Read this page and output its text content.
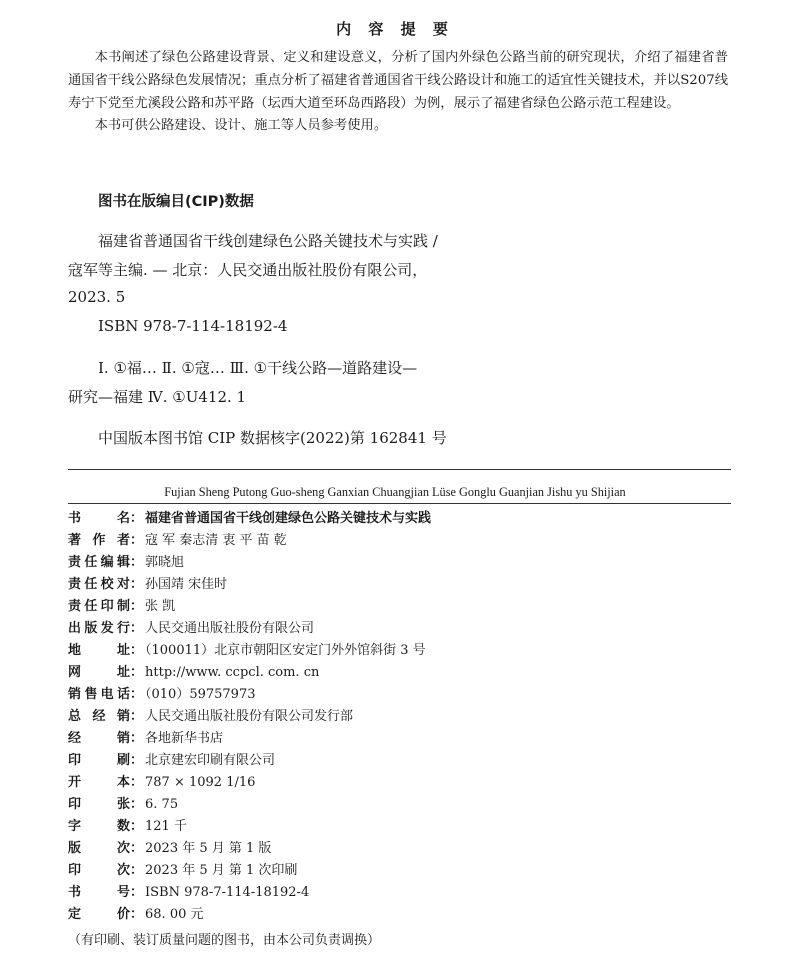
内 容 提 要

本书阐述了绿色公路建设背景、定义和建设意义，分析了国内外绿色公路当前的研究现状，介绍了福建省普通国省干线公路绿色发展情况；重点分析了福建省普通国省干线公路设计和施工的适宜性关键技术，并以S207线寿宁下党至尤溪段公路和苏平路（坛西大道至环岛西路段）为例，展示了福建省绿色公路示范工程建设。

本书可供公路建设、设计、施工等人员参考使用。

图书在版编目(CIP)数据
福建省普通国省干线创建绿色公路关键技术与实践 /
寇军等主编. — 北京：人民交通出版社股份有限公司，
2023. 5
ISBN 978-7-114-18192-4
Ⅰ. ①福… Ⅱ. ①寇… Ⅲ. ①干线公路—道路建设—
研究—福建 Ⅳ. ①U412. 1
中国版本图书馆 CIP 数据核字(2022)第 162841 号
Fujian Sheng Putong Guo-sheng Ganxian Chuangjian Lüse Gonglu Guanjian Jishu yu Shijian
书名： 福建省普通国省干线创建绿色公路关键技术与实践
著作者： 寇 军 秦志清 衷 平 苗 乾
责任编辑： 郭晓旭
责任校对： 孙国靖 宋佳时
责任印制： 张 凯
出版发行： 人民交通出版社股份有限公司
地址： （100011）北京市朝阳区安定门外外馆斜街 3 号
网址： http://www. ccpcl. com. cn
销售电话： （010）59757973
总经销： 人民交通出版社股份有限公司发行部
经销： 各地新华书店
印刷： 北京建宏印刷有限公司
开本： 787 × 1092 1/16
印张： 6. 75
字数： 121 千
版次： 2023 年 5 月 第 1 版
印次： 2023 年 5 月 第 1 次印刷
书号： ISBN 978-7-114-18192-4
定价： 68. 00 元
（有印刷、装订质量问题的图书，由本公司负责调换）
